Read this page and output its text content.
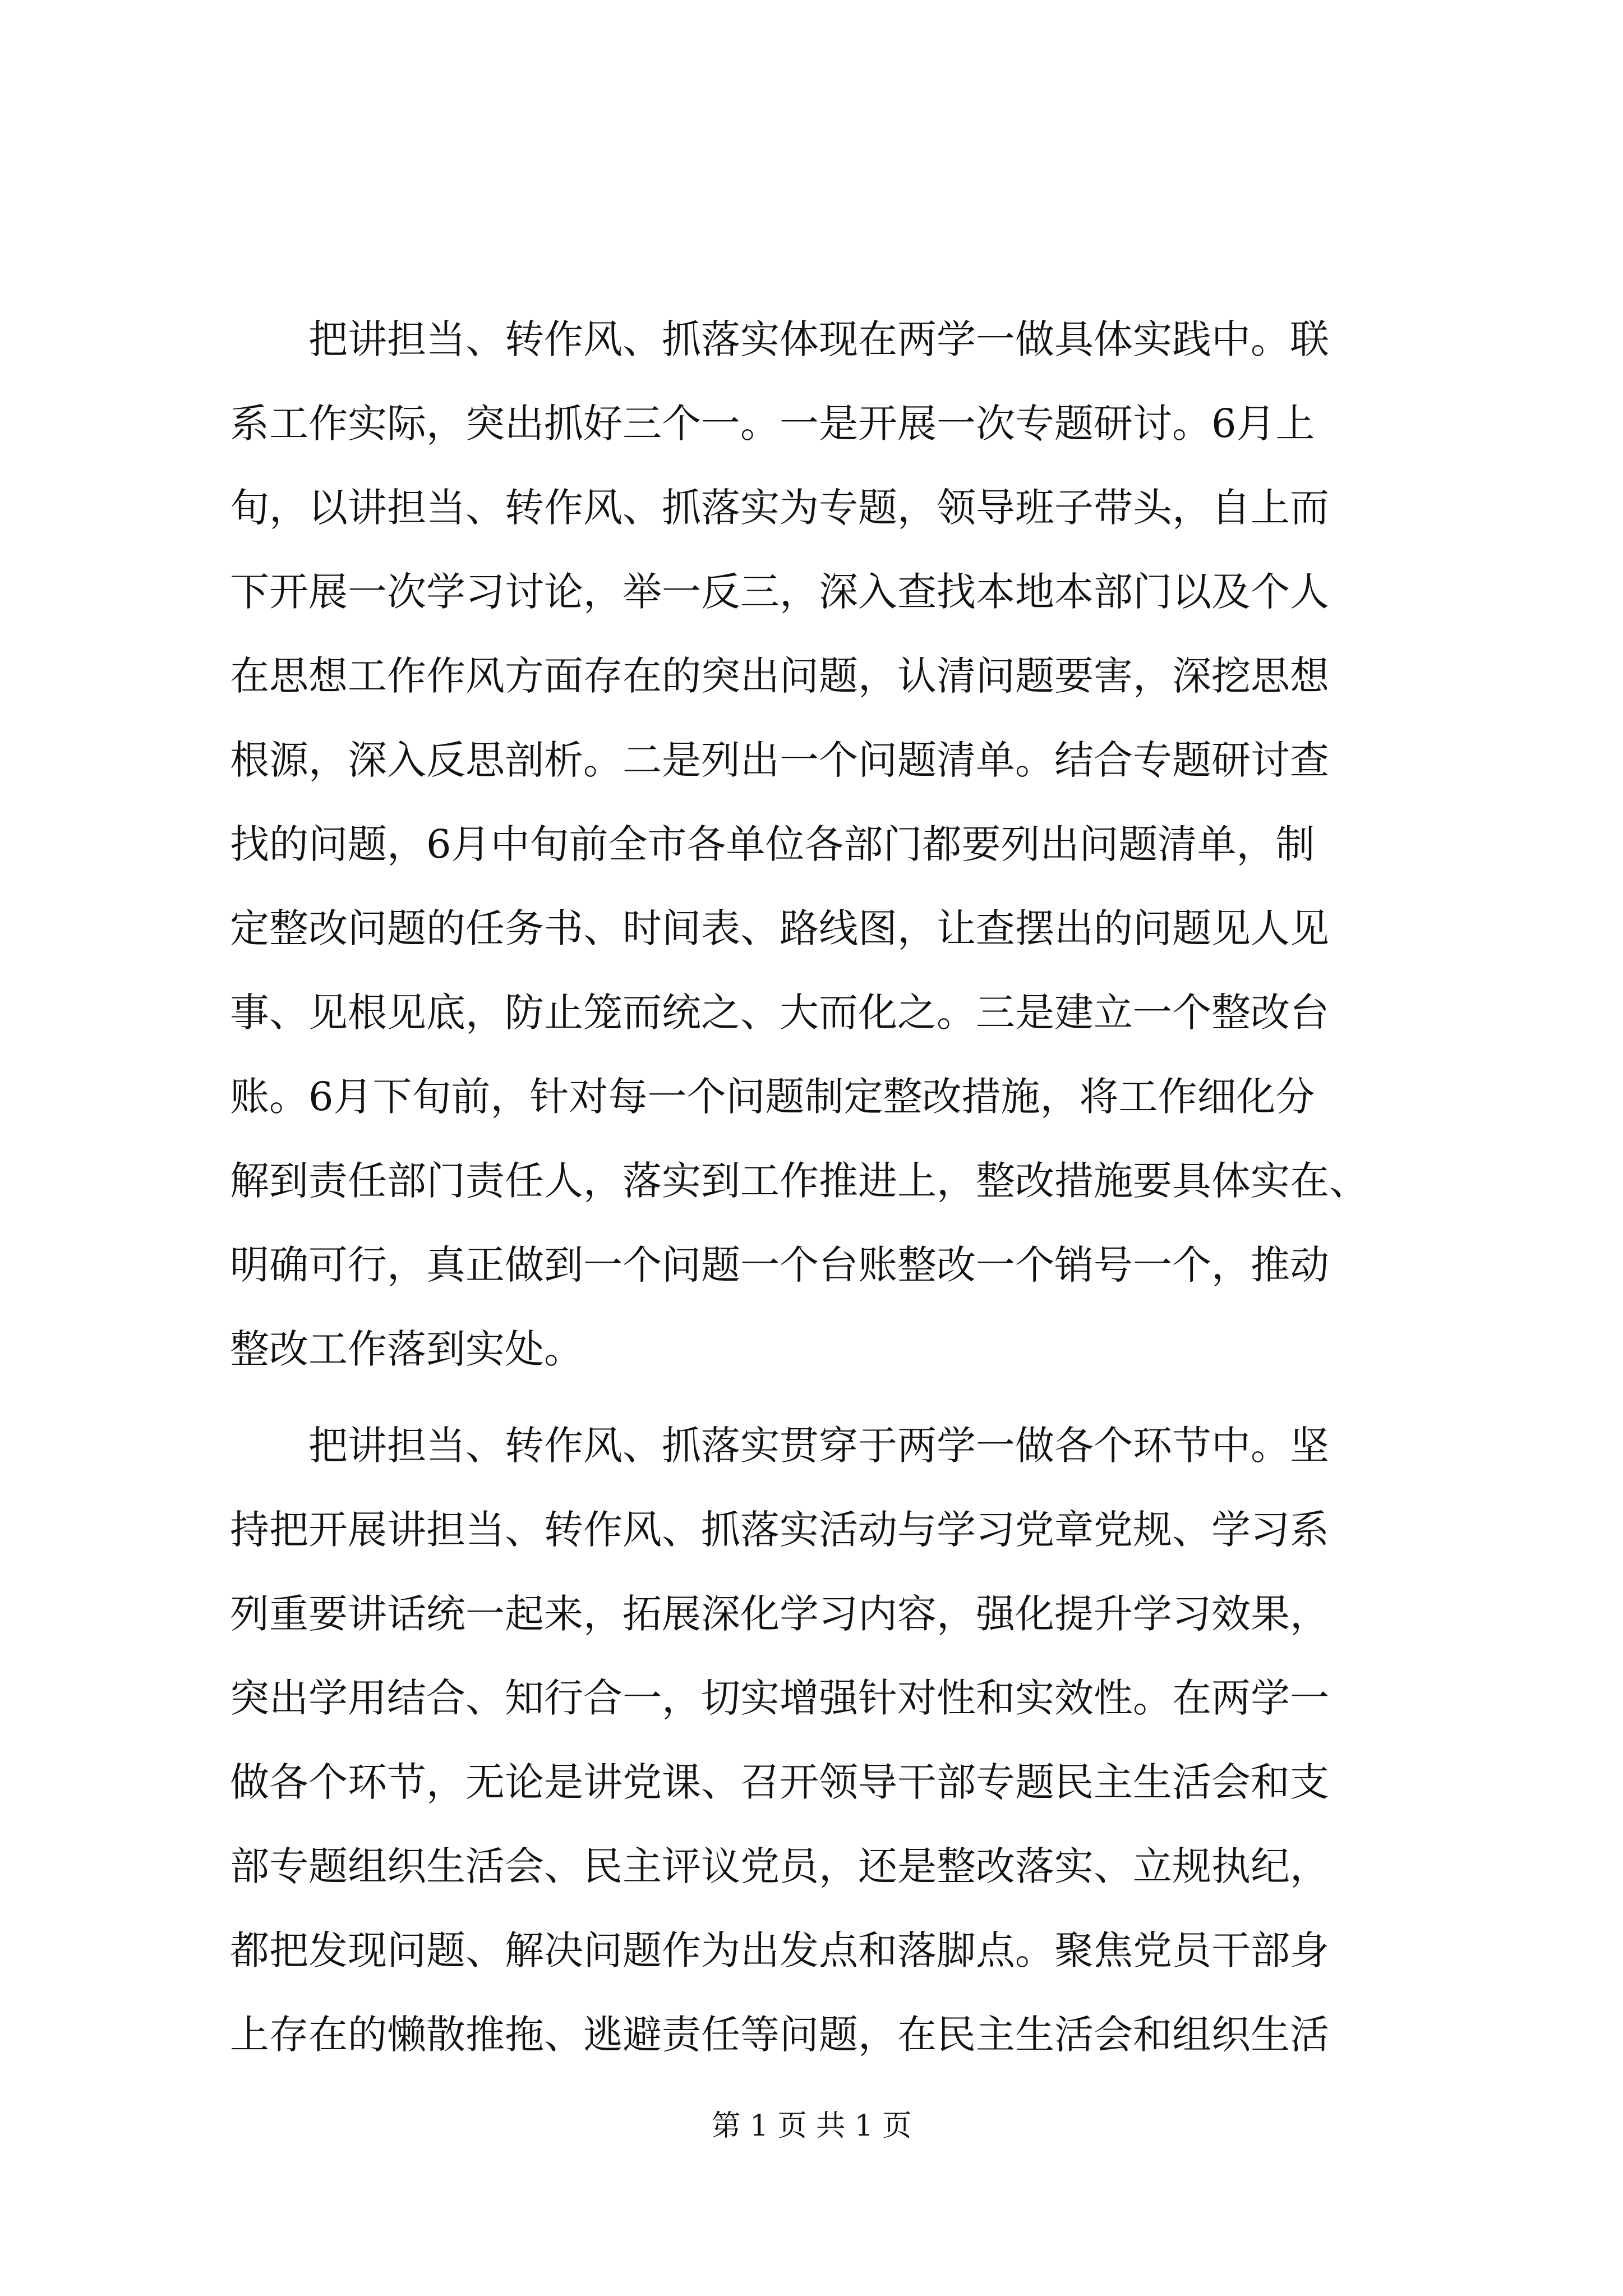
把讲担当、转作风、抓落实体现在两学一做具体实践中。联
系工作实际，突出抓好三个一。一是开展一次专题研讨。6月上
旬，以讲担当、转作风、抓落实为专题，领导班子带头，自上而
下开展一次学习讨论，举一反三，深入查找本地本部门以及个人
在思想工作作风方面存在的突出问题，认清问题要害，深挖思想
根源，深入反思剖析。二是列出一个问题清单。结合专题研讨查
找的问题，6月中旬前全市各单位各部门都要列出问题清单，制
定整改问题的任务书、时间表、路线图，让查摆出的问题见人见
事、见根见底，防止笼而统之、大而化之。三是建立一个整改台
账。6月下旬前，针对每一个问题制定整改措施，将工作细化分
解到责任部门责任人，落实到工作推进上，整改措施要具体实在、
明确可行，真正做到一个问题一个台账整改一个销号一个，推动
整改工作落到实处。
把讲担当、转作风、抓落实贯穿于两学一做各个环节中。坚
持把开展讲担当、转作风、抓落实活动与学习党章党规、学习系
列重要讲话统一起来，拓展深化学习内容，强化提升学习效果，
突出学用结合、知行合一，切实增强针对性和实效性。在两学一
做各个环节，无论是讲党课、召开领导干部专题民主生活会和支
部专题组织生活会、民主评议党员，还是整改落实、立规执纪，
都把发现问题、解决问题作为出发点和落脚点。聚焦党员干部身
上存在的懒散推拖、逃避责任等问题，在民主生活会和组织生活
第 1 页 共 1 页
